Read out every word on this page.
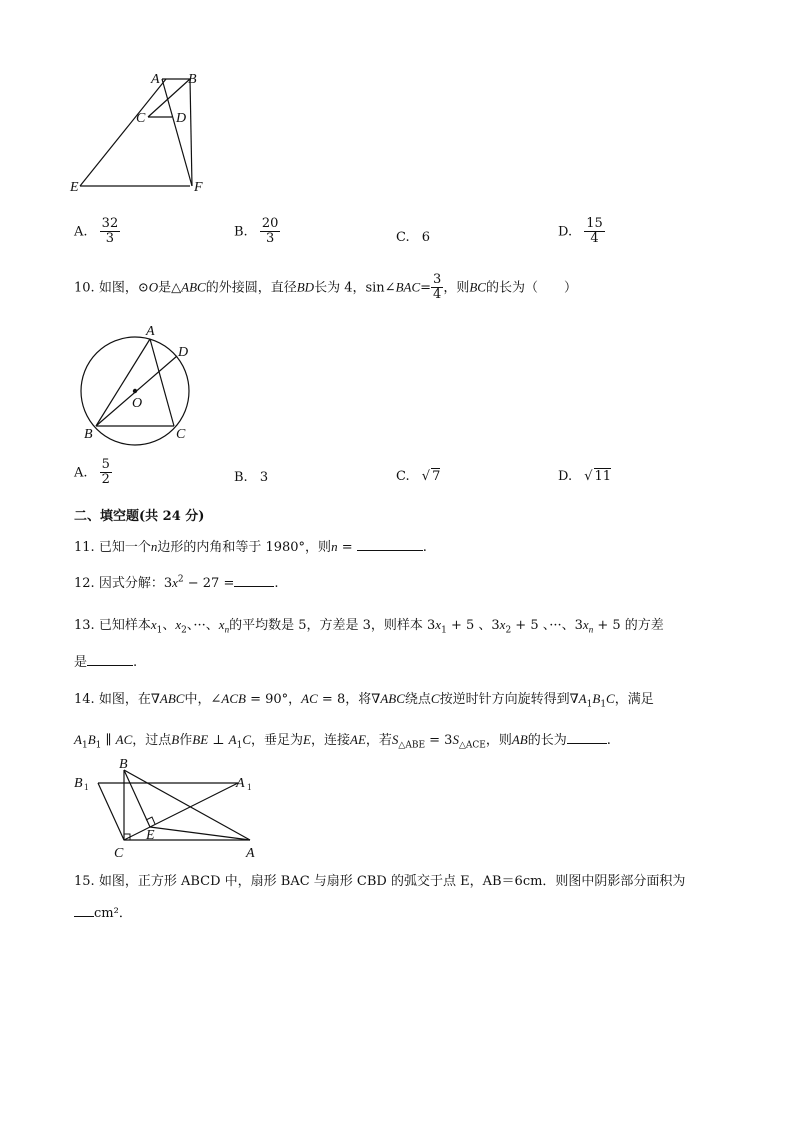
A B
C D
E	F
A. $\frac{32}{3}$	B. $\frac{20}{3}$	C. 6	D. $\frac{15}{4}$
10. 如图，⊙O是△ABC的外接圆，直径BD长为 4，sin∠BAC= $\frac{3}{4}$ ，则BC的长为（　　）
A
D
O
B	C
A. $\frac{5}{2}$	B. 3	C. √ 7	D. √ 11
二、填空题(共 24 分)
11. 已知一个n边形的内角和等于 1980°，则n =	.
12. 因式分解：$3x^2 - 27$ =	.
13. 已知样本$x_1$、$x_2$、···、$x_n$的平均数是 5，方差是 3，则样本 $3x_1 + 5$ 、$3x_2 + 5$ 、···、$3x_n + 5$ 的方差
是	.
14. 如图，在∇ABC中，∠ACB = 90°，AC = 8，将∇ABC绕点C按逆时针方向旋转得到$\nabla A_1B_1C$，满足
$A_1B_1$ ∥ AC，过点B作BE ⊥ $A_1C$，垂足为E，连接AE，若$S_{\triangle ABE} = 3S_{\triangle ACE}$，则AB的长为	.
B
B 1	A 1
E
C	A
15. 如图，正方形 ABCD 中，扇形 BAC 与扇形 CBD 的弧交于点 E，AB＝6cm．则图中阴影部分面积为
cm²．
